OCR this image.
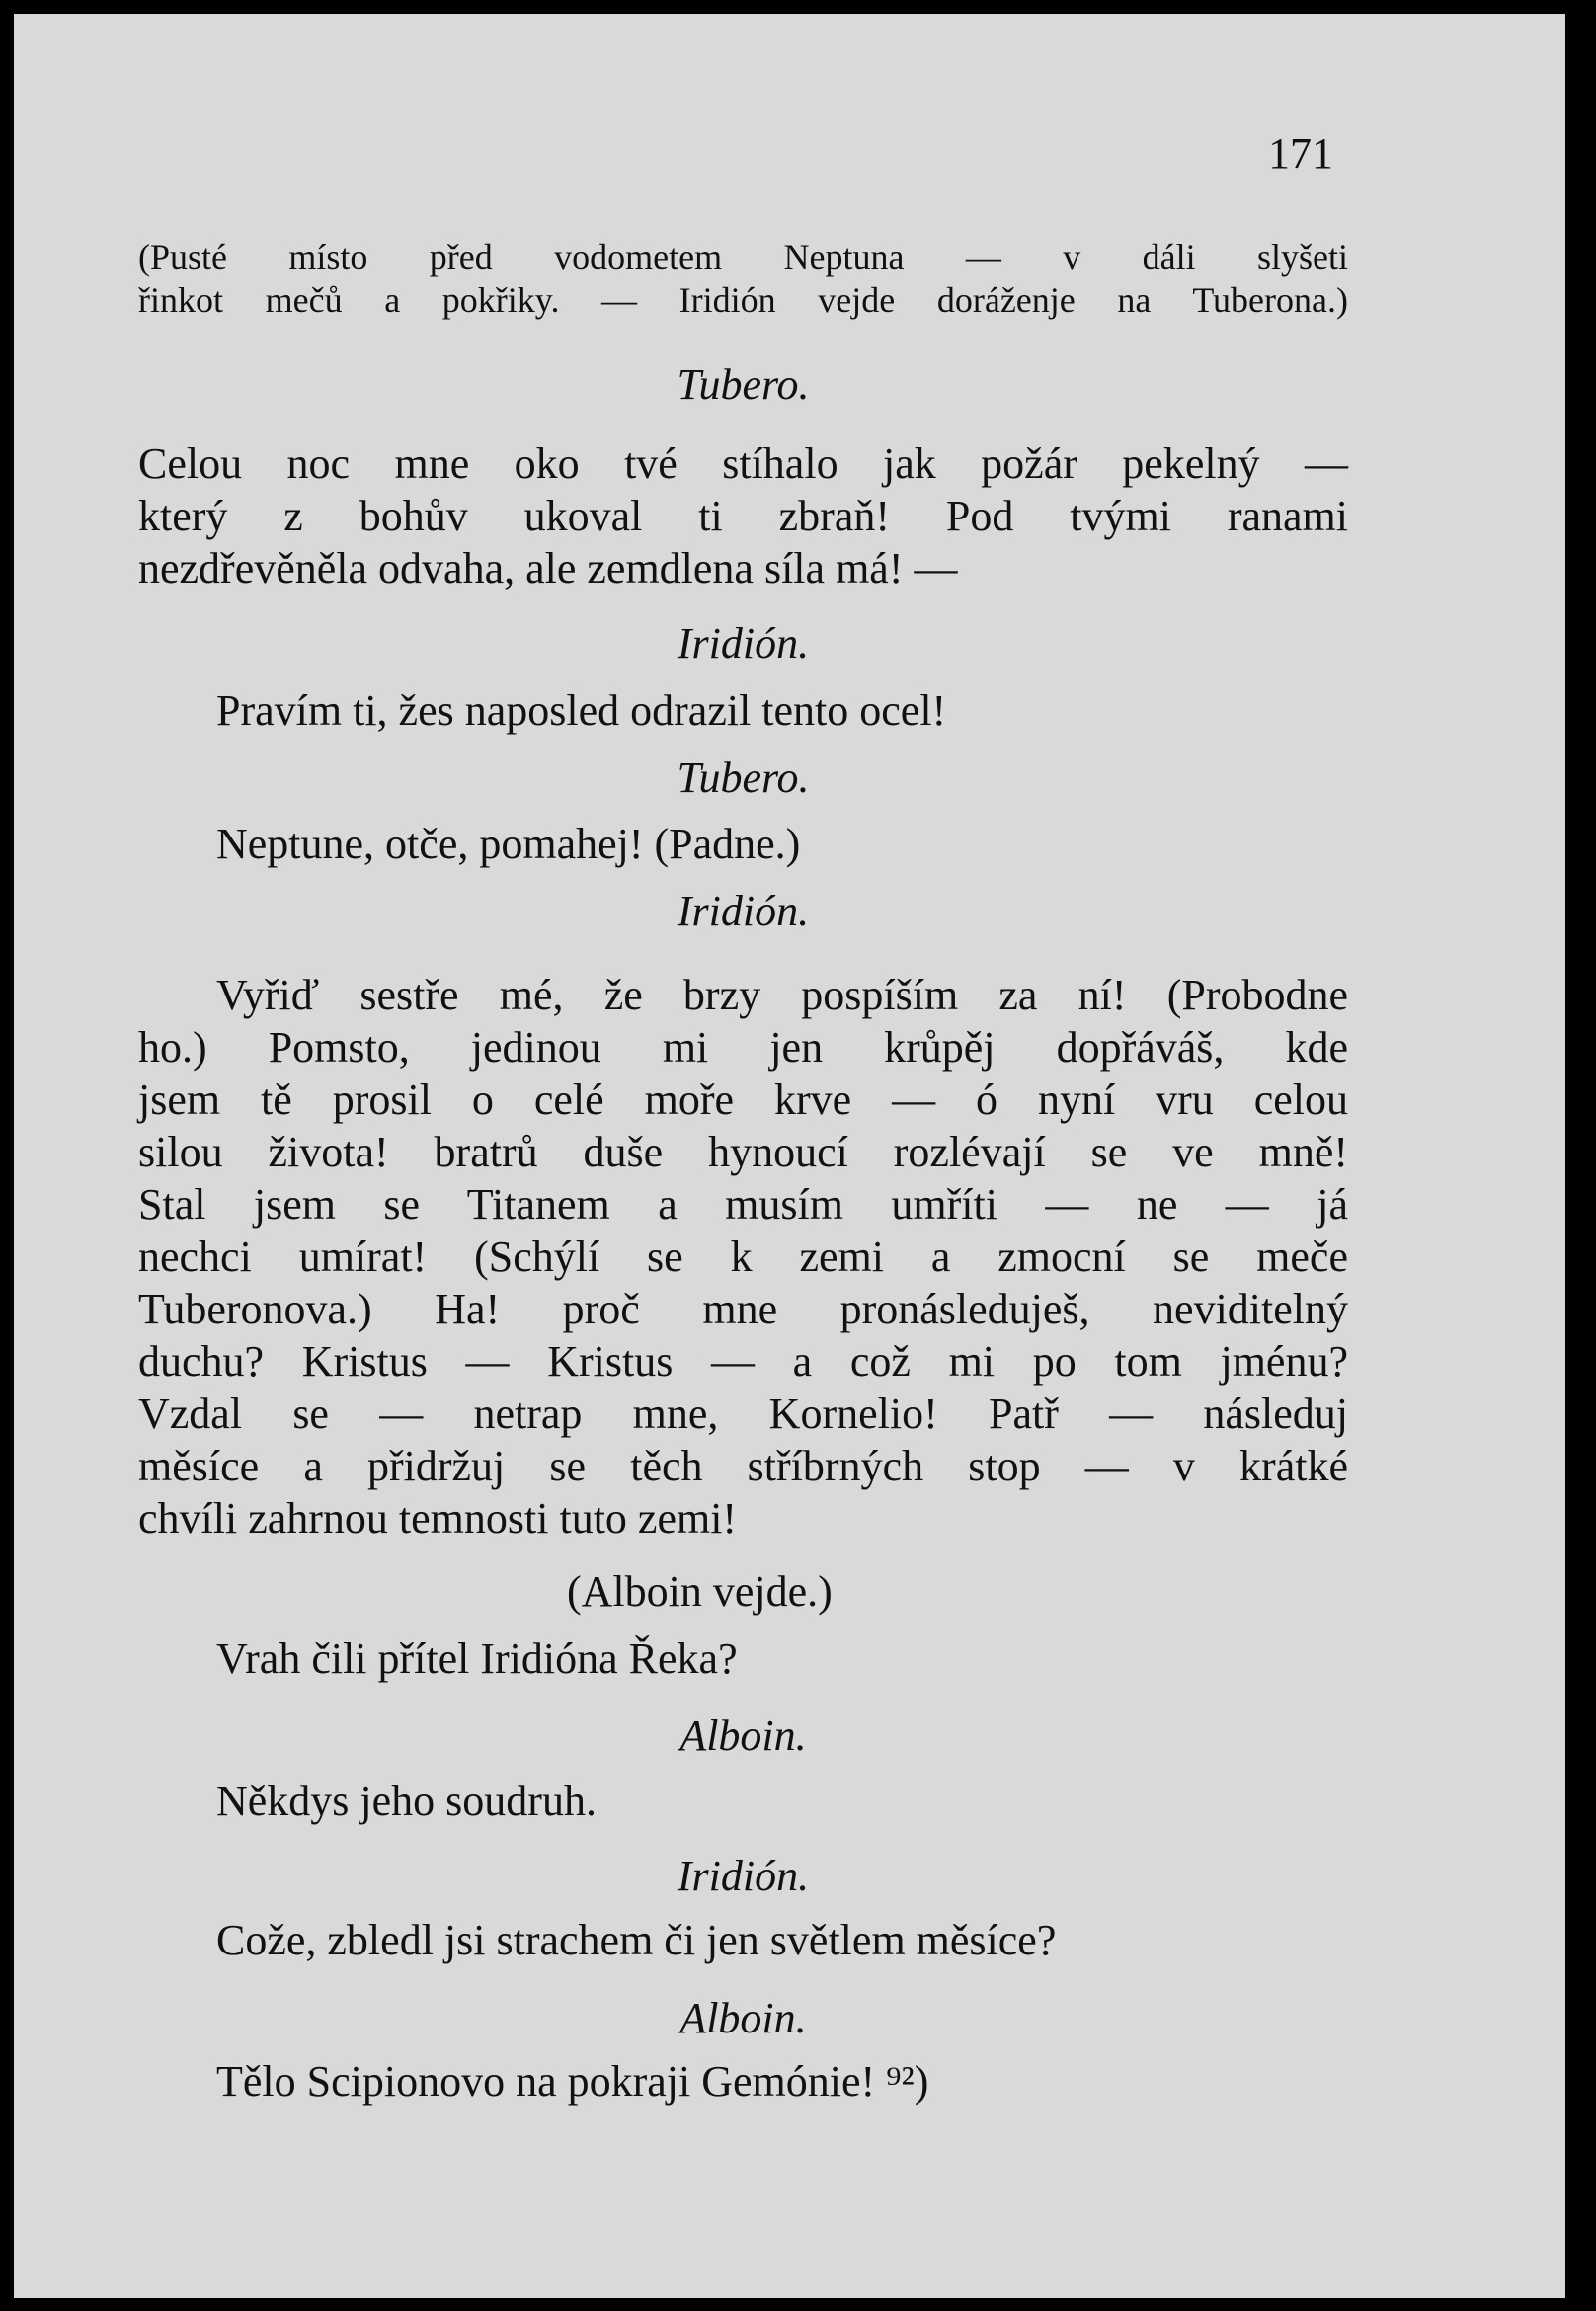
171
(Pusté místo před vodometem Neptuna — v dáli slyšeti
řinkot mečů a pokřiky. — Iridión vejde doráženje na Tuberona.)
Tubero.
Celou noc mne oko tvé stíhalo jak požár pekelný —
který z bohův ukoval ti zbraň! Pod tvými ranami
nezdřevěněla odvaha, ale zemdlena síla má! —
Iridión.
Pravím ti, žes naposled odrazil tento ocel!
Tubero.
Neptune, otče, pomahej! (Padne.)
Iridión.
Vyřiď sestře mé, že brzy pospíším za ní! (Probodne
ho.) Pomsto, jedinou mi jen krůpěj dopřáváš, kde
jsem tě prosil o celé moře krve — ó nyní vru celou
silou života! bratrů duše hynoucí rozlévají se ve mně!
Stal jsem se Titanem a musím umříti — ne — já
nechci umírat! (Schýlí se k zemi a zmocní se meče
Tuberonova.) Ha! proč mne pronásleduješ, neviditelný
duchu? Kristus — Kristus — a což mi po tom jménu?
Vzdal se — netrap mne, Kornelio! Patř — následuj
měsíce a přidržuj se těch stříbrných stop — v krátké
chvíli zahrnou temnosti tuto zemi!
(Alboin vejde.)
Vrah čili přítel Iridióna Řeka?
Alboin.
Někdys jeho soudruh.
Iridión.
Cože, zbledl jsi strachem či jen světlem měsíce?
Alboin.
Tělo Scipionovo na pokraji Gemónie! ⁹²)
